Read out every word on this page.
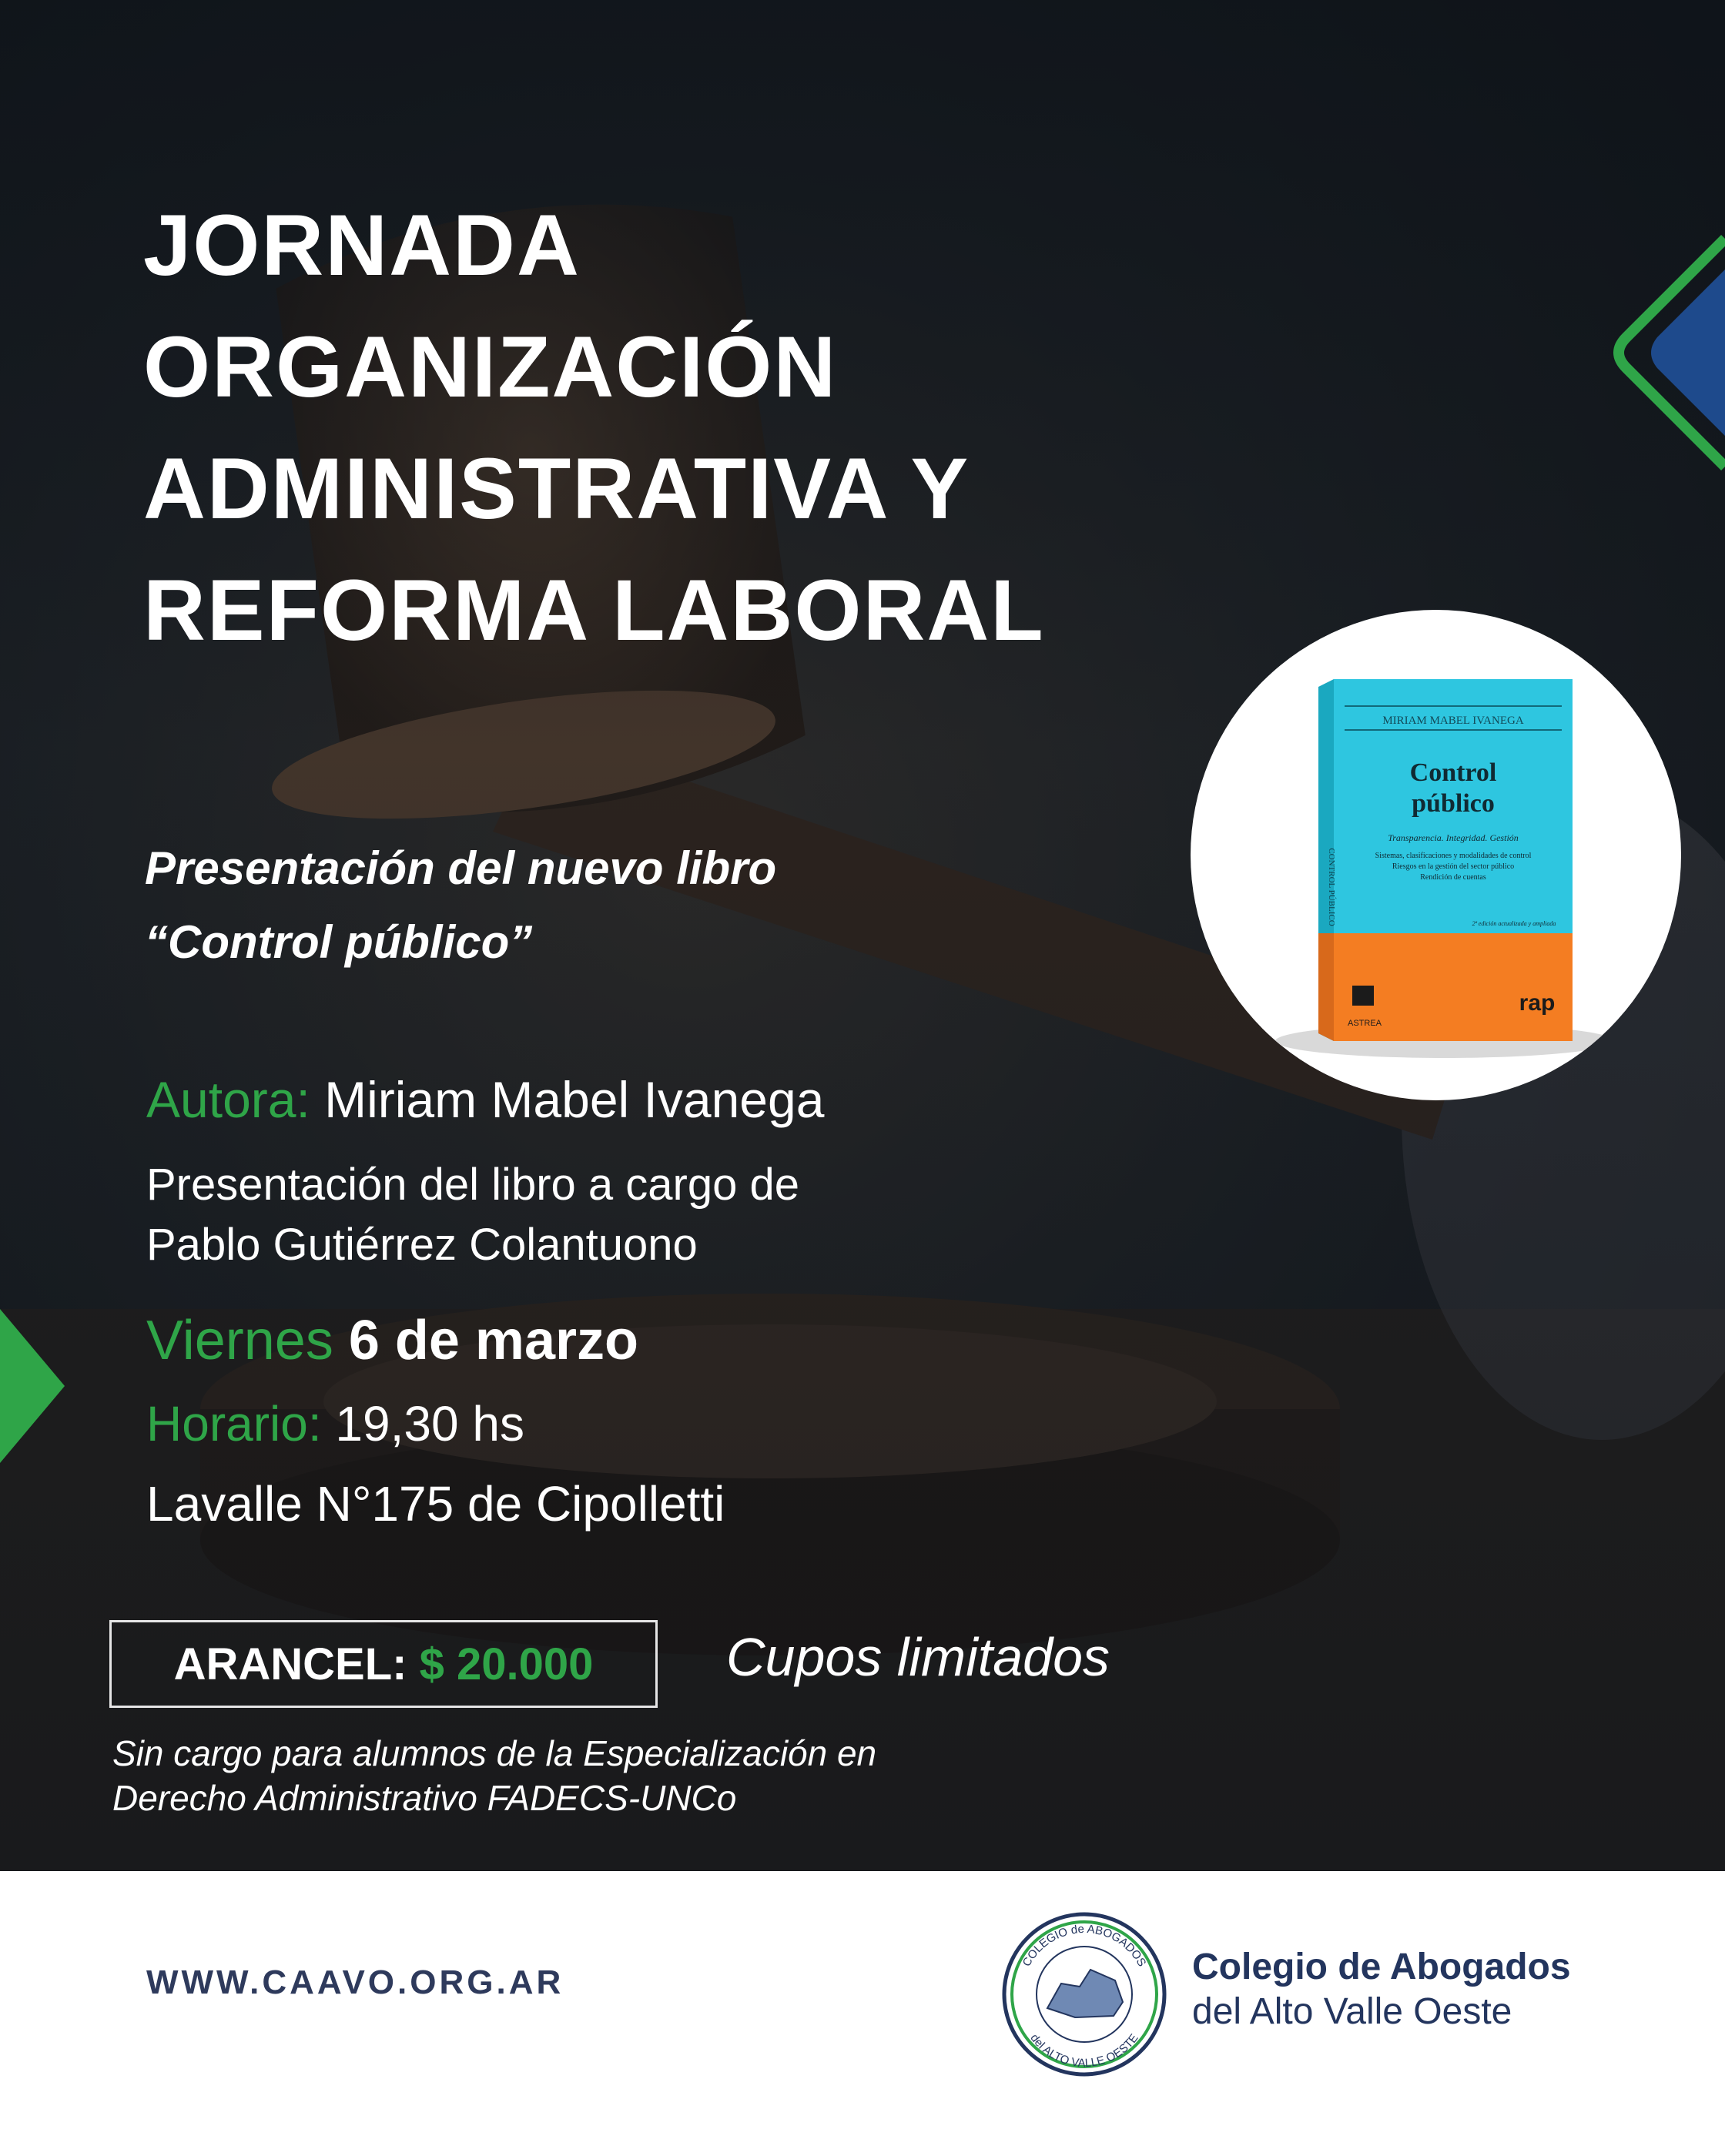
JORNADA
ORGANIZACIÓN
ADMINISTRATIVA Y
REFORMA LABORAL
MIRIAM MABEL IVANEGA
Control
público
Transparencia. Integridad. Gestión
Sistemas, clasificaciones y modalidades de control
Riesgos en la gestión del sector público
Rendición de cuentas
2ª edición actualizada y ampliada
CONTROL PÚBLICO
ASTREA
rap
Presentación del nuevo libro
“Control público”
Autora: Miriam Mabel Ivanega
Presentación del libro a cargo de
Pablo Gutiérrez Colantuono
Viernes 6 de marzo
Horario: 19,30 hs
Lavalle N°175 de Cipolletti
ARANCEL:
$ 20.000 Cupos limitados
Sin cargo para alumnos de la Especialización en
Derecho Administrativo FADECS-UNCo
WWW.CAAVO.ORG.AR
COLEGIO de ABOGADOS
del ALTO VALLE OESTE
Colegio de Abogados
del Alto Valle Oeste
